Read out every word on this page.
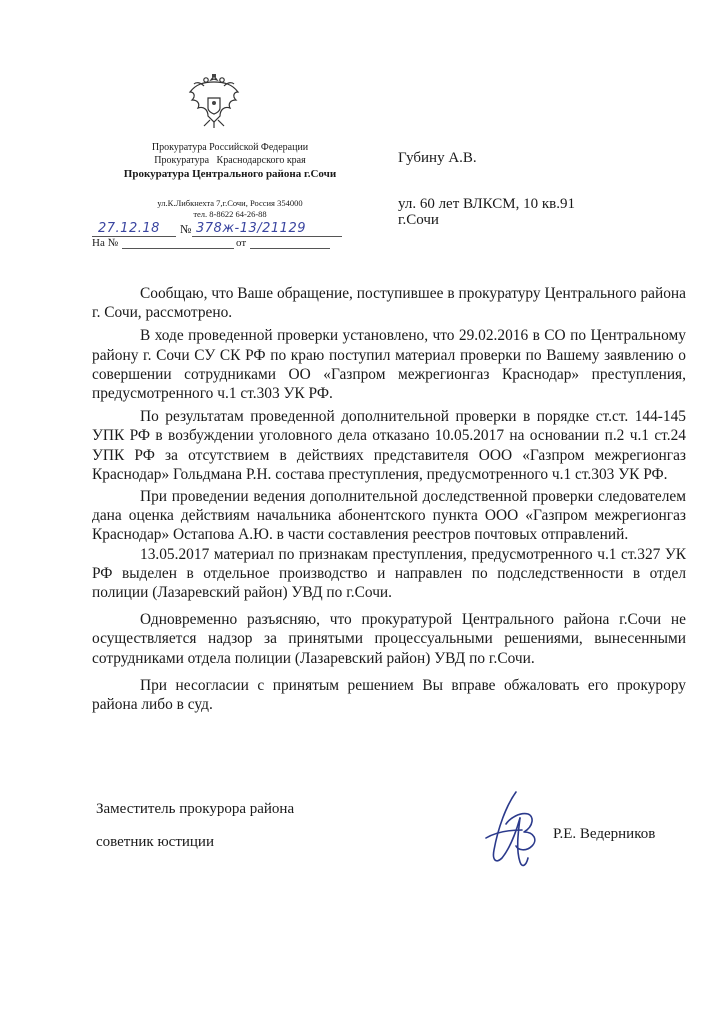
Прокуратура Российской Федерации
Прокуратура   Краснодарского края
Прокуратура Центрального района г.Сочи
ул.К.Либкнехта 7,г.Сочи, Россия 354000
тел. 8-8622 64-26-88
27.12.18 № 378ж-13/21129
На №	от
Губину А.В.
ул. 60 лет ВЛКСМ, 10 кв.91
г.Сочи

Сообщаю, что Ваше обращение, поступившее в прокуратуру Центрального района г. Сочи, рассмотрено.

В ходе проведенной проверки установлено, что 29.02.2016 в СО по Центральному району г. Сочи СУ СК РФ по краю поступил материал проверки по Вашему заявлению о совершении сотрудниками ОО «Газпром межрегионгаз Краснодар» преступления, предусмотренного ч.1 ст.303 УК РФ.

По результатам проведенной дополнительной проверки в порядке ст.ст. 144-145 УПК РФ в возбуждении уголовного дела отказано 10.05.2017 на основании п.2 ч.1 ст.24 УПК РФ за отсутствием в действиях представителя ООО «Газпром межрегионгаз Краснодар» Гольдмана Р.Н. состава преступления, предусмотренного ч.1 ст.303 УК РФ.

При проведении ведения дополнительной доследственной проверки следователем дана оценка действиям начальника абонентского пункта ООО «Газпром межрегионгаз Краснодар» Остапова А.Ю. в части составления реестров почтовых отправлений.

13.05.2017 материал по признакам преступления, предусмотренного ч.1 ст.327 УК РФ выделен в отдельное производство и направлен по подследственности в отдел полиции (Лазаревский район) УВД по г.Сочи.

Одновременно разъясняю, что прокуратурой Центрального района г.Сочи не осуществляется надзор за принятыми процессуальными решениями, вынесенными сотрудниками отдела полиции (Лазаревский район) УВД по г.Сочи.

При несогласии с принятым решением Вы вправе обжаловать его прокурору района либо в суд.

Заместитель прокурора района
советник юстиции	Р.Е. Ведерников
